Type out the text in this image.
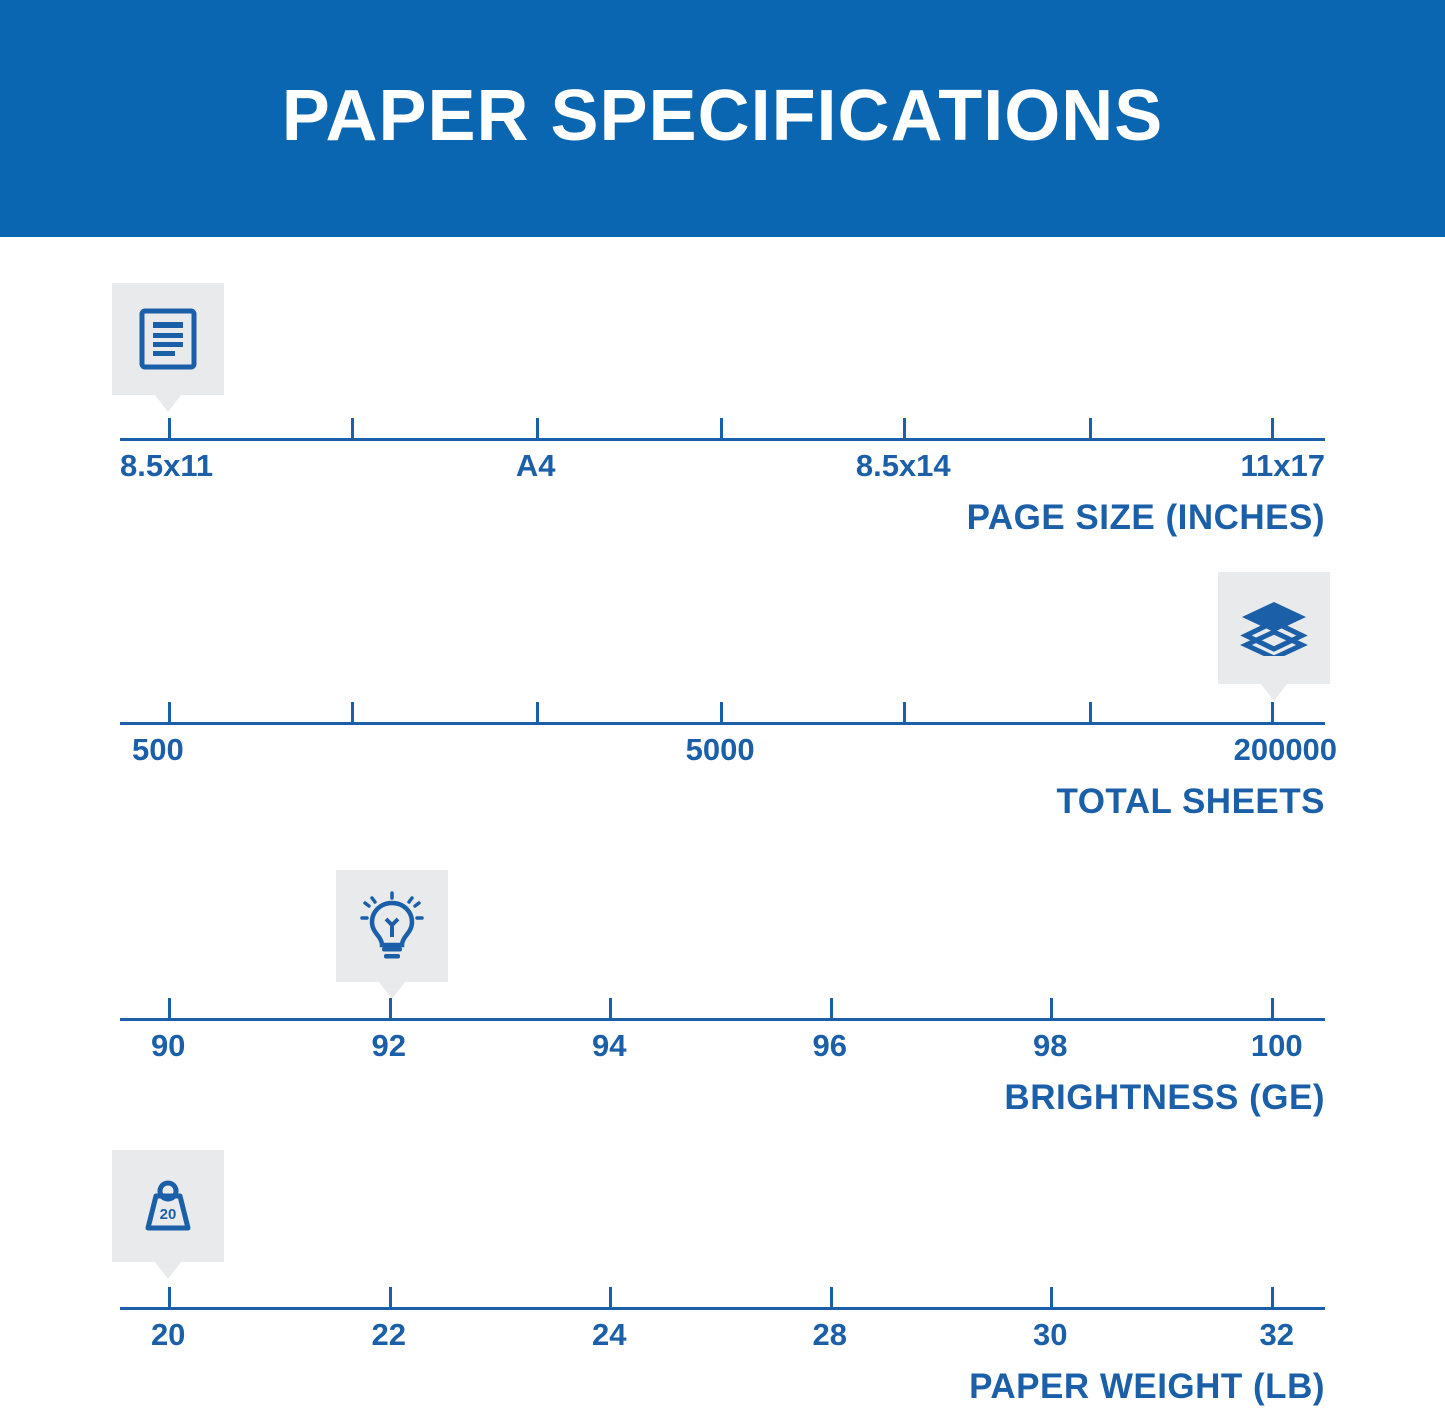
PAPER SPECIFICATIONS
8.5x11	A4	8.5x14	11x17
PAGE SIZE (INCHES)
500	5000	200000
TOTAL SHEETS
90	92	94	96	98	100
BRIGHTNESS (GE)
20
20	22	24	28	30	32
PAPER WEIGHT (LB)
